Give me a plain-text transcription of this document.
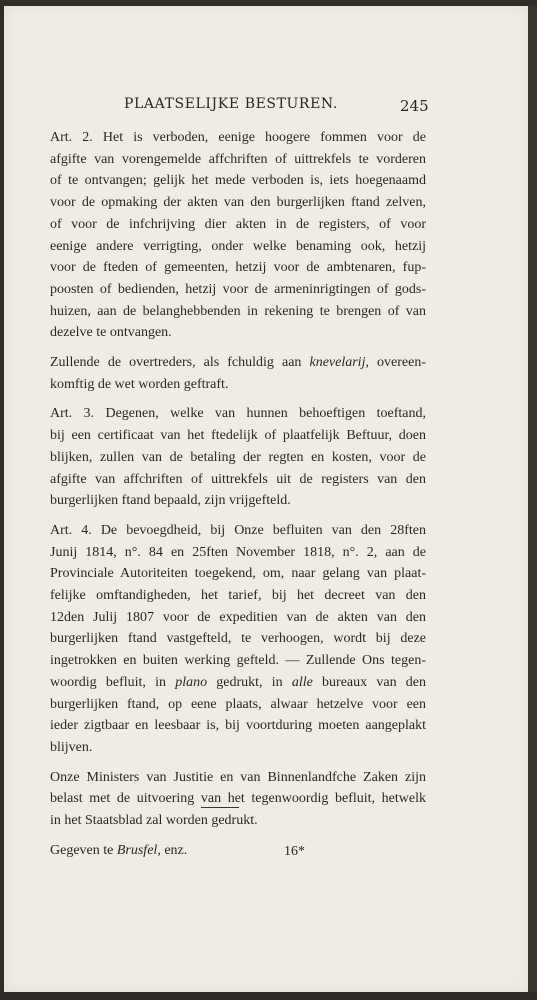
PLAATSELIJKE BESTUREN.	245

Art. 2. Het is verboden, eenige hoogere fommen voor de
afgifte van vorengemelde affchriften of uittrekfels te vorderen
of te ontvangen; gelijk het mede verboden is, iets hoegenaamd
voor de opmaking der akten van den burgerlijken ftand zelven,
of voor de infchrijving dier akten in de registers, of voor
eenige andere verrigting, onder welke benaming ook, hetzij
voor de fteden of gemeenten, hetzij voor de ambtenaren, fup-
poosten of bedienden, hetzij voor de armeninrigtingen of gods-
huizen, aan de belanghebbenden in rekening te brengen of van
dezelve te ontvangen.

Zullende de overtreders, als fchuldig aan knevelarij, overeen-
komftig de wet worden geftraft.

Art. 3. Degenen, welke van hunnen behoeftigen toeftand,
bij een certificaat van het ftedelijk of plaatfelijk Beftuur, doen
blijken, zullen van de betaling der regten en kosten, voor de
afgifte van affchriften of uittrekfels uit de registers van den
burgerlijken ftand bepaald, zijn vrijgefteld.

Art. 4. De bevoegdheid, bij Onze befluiten van den 28ften
Junij 1814, n°. 84 en 25ften November 1818, n°. 2, aan de
Provinciale Autoriteiten toegekend, om, naar gelang van plaat-
felijke omftandigheden, het tarief, bij het decreet van den
12den Julij 1807 voor de expeditien van de akten van den
burgerlijken ftand vastgefteld, te verhoogen, wordt bij deze
ingetrokken en buiten werking gefteld. — Zullende Ons tegen-
woordig befluit, in plano gedrukt, in alle bureaux van den
burgerlijken ftand, op eene plaats, alwaar hetzelve voor een
ieder zigtbaar en leesbaar is, bij voortduring moeten aangeplakt
blijven.

Onze Ministers van Justitie en van Binnenlandfche Zaken zijn
belast met de uitvoering van het tegenwoordig befluit, hetwelk
in het Staatsblad zal worden gedrukt.

Gegeven te Brusfel, enz.	16*
